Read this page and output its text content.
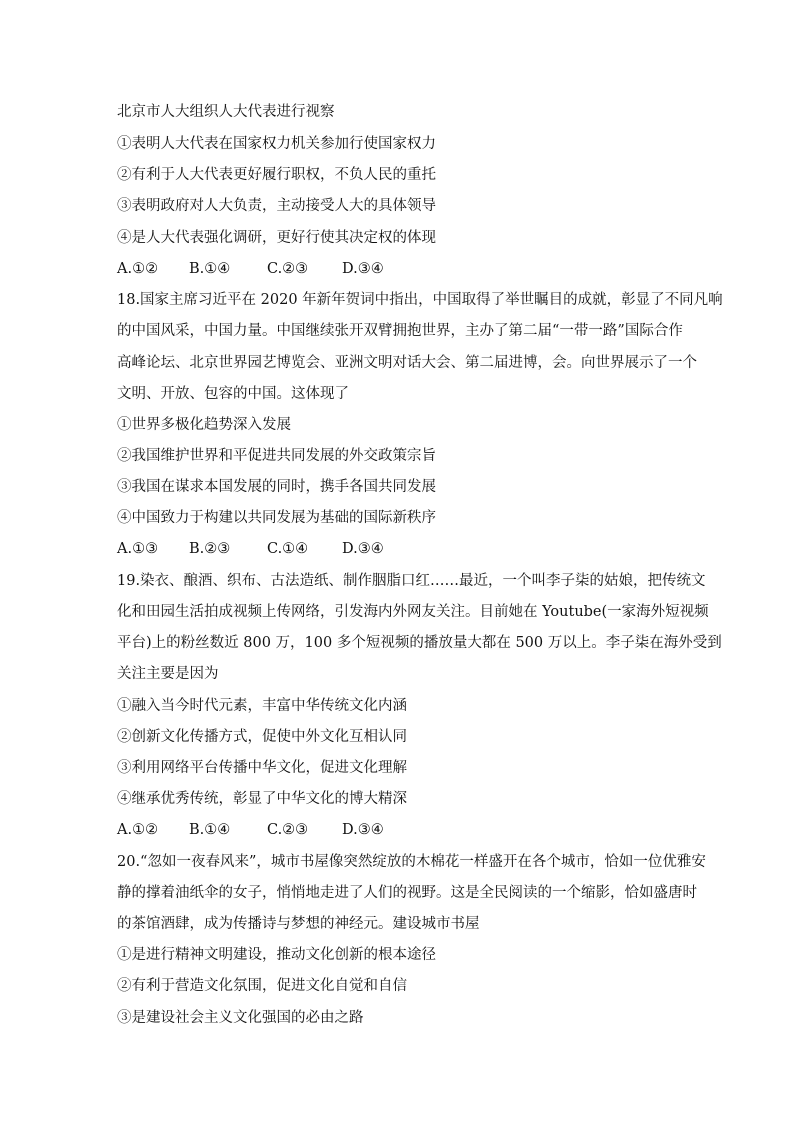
北京市人大组织人大代表进行视察
①表明人大代表在国家权力机关参加行使国家权力
②有利于人大代表更好履行职权，不负人民的重托
③表明政府对人大负责，主动接受人大的具体领导
④是人大代表强化调研，更好行使其决定权的体现
A.①② B.①④	C.②③ D.③④
18.国家主席习近平在 2020 年新年贺词中指出，中国取得了举世瞩目的成就，彰显了不同凡响
的中国风采，中国力量。中国继续张开双臂拥抱世界，主办了第二届“一带一路”国际合作
高峰论坛、北京世界园艺博览会、亚洲文明对话大会、第二届进博，会。向世界展示了一个
文明、开放、包容的中国。这体现了
①世界多极化趋势深入发展
②我国维护世界和平促进共同发展的外交政策宗旨
③我国在谋求本国发展的同时，携手各国共同发展
④中国致力于构建以共同发展为基础的国际新秩序
A.①③ B.②③	C.①④ D.③④
19.染衣、酿酒、织布、古法造纸、制作胭脂口红……最近，一个叫李子柒的姑娘，把传统文
化和田园生活拍成视频上传网络，引发海内外网友关注。目前她在 Youtube(一家海外短视频
平台)上的粉丝数近 800 万，100 多个短视频的播放量大都在 500 万以上。李子柒在海外受到
关注主要是因为
①融入当今时代元素，丰富中华传统文化内涵
②创新文化传播方式，促使中外文化互相认同
③利用网络平台传播中华文化，促进文化理解
④继承优秀传统，彰显了中华文化的博大精深
A.①② B.①④	C.②③ D.③④
20.“忽如一夜春风来”，城市书屋像突然绽放的木棉花一样盛开在各个城市，恰如一位优雅安
静的撑着油纸伞的女子，悄悄地走进了人们的视野。这是全民阅读的一个缩影，恰如盛唐时
的茶馆酒肆，成为传播诗与梦想的神经元。建设城市书屋
①是进行精神文明建设，推动文化创新的根本途径
②有利于营造文化氛围，促进文化自觉和自信
③是建设社会主义文化强国的必由之路
